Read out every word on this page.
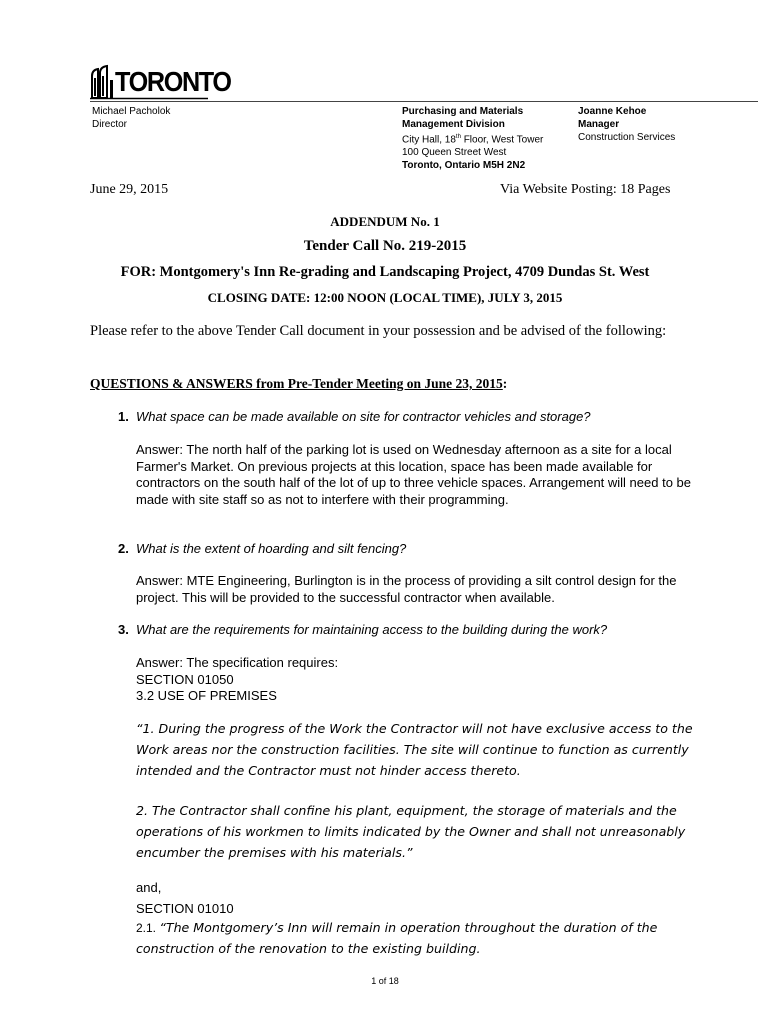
TORONTO
Michael Pacholok
Director
Purchasing and Materials
Management Division
City Hall, 18th Floor, West Tower
100 Queen Street West
Toronto, Ontario M5H 2N2
Joanne Kehoe
Manager
Construction Services
June 29, 2015	Via Website Posting: 18 Pages
ADDENDUM No. 1
Tender Call No. 219-2015
FOR: Montgomery's Inn Re-grading and Landscaping Project, 4709 Dundas St. West
CLOSING DATE: 12:00 NOON (LOCAL TIME), JULY 3, 2015
Please refer to the above Tender Call document in your possession and be advised of the following:
QUESTIONS & ANSWERS from Pre-Tender Meeting on June 23, 2015:
1. What space can be made available on site for contractor vehicles and storage?
Answer: The north half of the parking lot is used on Wednesday afternoon as a site for a local Farmer's Market. On previous projects at this location, space has been made available for contractors on the south half of the lot of up to three vehicle spaces. Arrangement will need to be made with site staff so as not to interfere with their programming.
2. What is the extent of hoarding and silt fencing?
Answer: MTE Engineering, Burlington is in the process of providing a silt control design for the project. This will be provided to the successful contractor when available.
3. What are the requirements for maintaining access to the building during the work?
Answer: The specification requires:
SECTION 01050
3.2 USE OF PREMISES
“1. During the progress of the Work the Contractor will not have exclusive access to the Work areas nor the construction facilities. The site will continue to function as currently intended and the Contractor must not hinder access thereto.
2. The Contractor shall confine his plant, equipment, the storage of materials and the operations of his workmen to limits indicated by the Owner and shall not unreasonably encumber the premises with his materials.”
and,
SECTION 01010
2.1. “The Montgomery’s Inn will remain in operation throughout the duration of the construction of the renovation to the existing building.
1 of 18
